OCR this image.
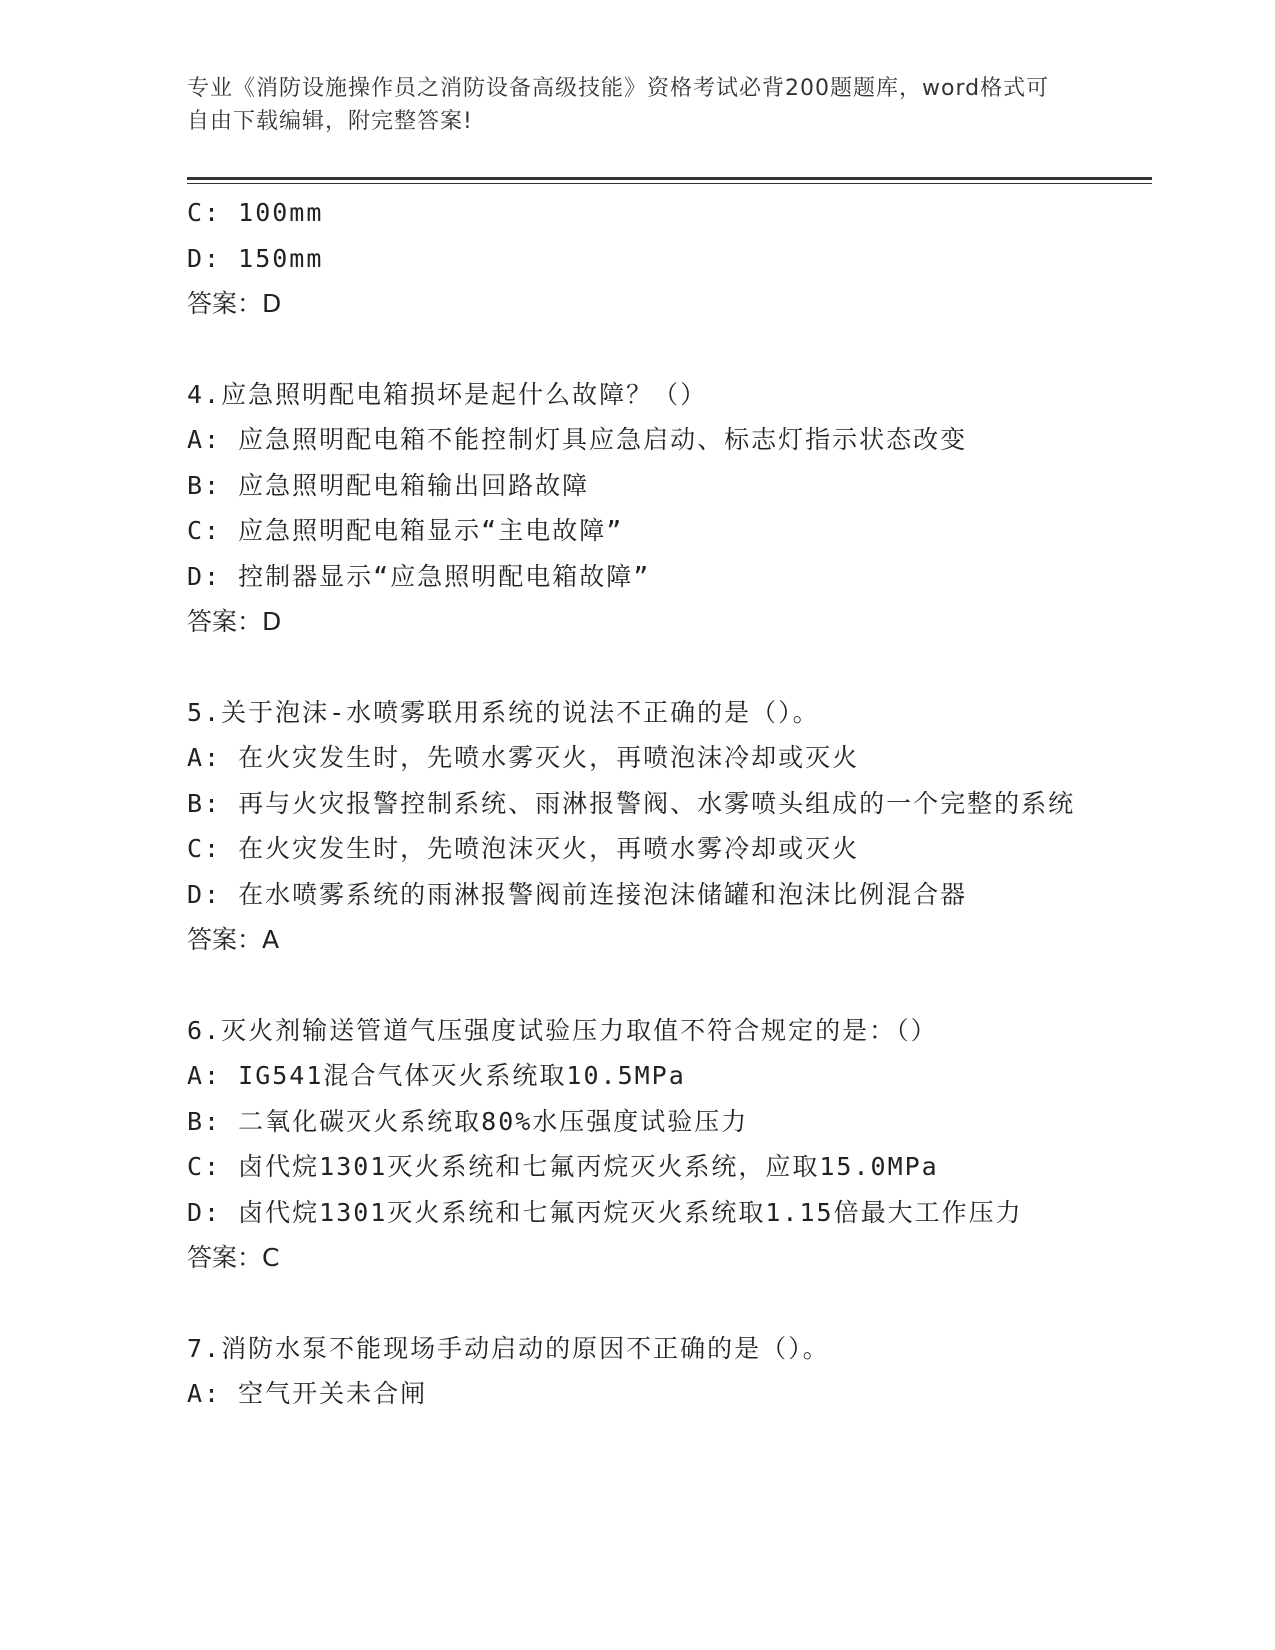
专业《消防设施操作员之消防设备高级技能》资格考试必背200题题库，word格式可自由下载编辑，附完整答案!

C: 100mm

D: 150mm

答案：D

4.应急照明配电箱损坏是起什么故障？（）

A: 应急照明配电箱不能控制灯具应急启动、标志灯指示状态改变

B: 应急照明配电箱输出回路故障

C: 应急照明配电箱显示“主电故障”

D: 控制器显示“应急照明配电箱故障”

答案：D

5.关于泡沫-水喷雾联用系统的说法不正确的是（）。

A: 在火灾发生时，先喷水雾灭火，再喷泡沫冷却或灭火

B: 再与火灾报警控制系统、雨淋报警阀、水雾喷头组成的一个完整的系统

C: 在火灾发生时，先喷泡沫灭火，再喷水雾冷却或灭火

D: 在水喷雾系统的雨淋报警阀前连接泡沫储罐和泡沫比例混合器

答案：A

6.灭火剂输送管道气压强度试验压力取值不符合规定的是：（）

A: IG541混合气体灭火系统取10.5MPa

B: 二氧化碳灭火系统取80%水压强度试验压力

C: 卤代烷1301灭火系统和七氟丙烷灭火系统，应取15.0MPa

D: 卤代烷1301灭火系统和七氟丙烷灭火系统取1.15倍最大工作压力

答案：C

7.消防水泵不能现场手动启动的原因不正确的是（）。

A: 空气开关未合闸
